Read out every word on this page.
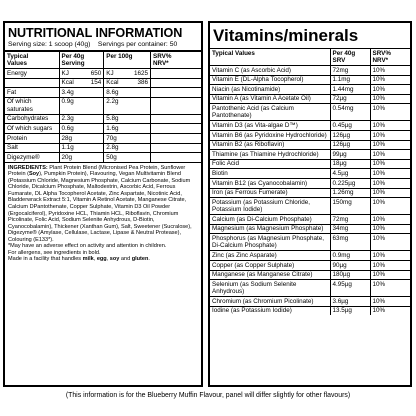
NUTRITIONAL INFORMATION
Serving size: 1 scoop (40g) Servings per container: 50
Typical
Values	Per 40g
Serving		Per 100g		SRV%
NRV*
Energy	KJ	650	KJ	1625	
	Kcal	154	Kcal	386	
Fat	3.4g		8.6g		
Of which
saturates	0.9g		2.2g		
Carbohydrates	2.3g		5.8g		
Of which sugars	0.6g		1.6g		
Protein	28g		70g		
Salt	1.1g		2.8g		
Digezyme®	20g		50g		
INGREDIENTS: Plant Protein Blend (Micronised Pea Protein, Sunflower Protein (Soy), Pumpkin Protein), Flavouring, Vegan Multivitamin Blend (Potassium Chloride, Magnesium Phosphate, Calcium Carbonate, Sodium Chloride, Dicalcium Phosphate, Maltodextrin, Ascorbic Acid, Ferrous Fumarate, DL Alpha Tocopherol Acetate, Zinc Aspartate, Nicotinic Acid, Bladderwrack Extract 5:1, Vitamin A Retinol Acetate, Manganese Citrate, Calcium DPantothenate, Copper Sulphate, Vitamin D3 Oil Powder (Ergocalciferol), Pyridoxine HCL, Thiamin HCL, Riboflavin, Chromium Picolinate, Folic Acid, Sodium Selenite Anhydrous, D-Biotin, Cyanocobalamin), Thickener (Xanthan Gum), Salt, Sweetener (Sucralose), Digezyme® (Amylase, Cellulase, Lactase, Lipase & Neutral Protease), Colouring (E133*).
*May have an adverse effect on activity and attention in children.
For allergens, see ingredients in bold.
Made in a facility that handles milk, egg, soy and gluten.
Vitamins/minerals
Typical Values	Per 40g SRV	SRV% NRV*
Vitamin C (as Ascorbic Acid)	72mg	10%
Vitamin E (DL-Alpha Tocopherol)	1.1mg	10%
Niacin (as Nicotinamide)	1.44mg	10%
Vitamin A (as Vitamin A Acetate Oil)	72µg	10%
Pantothenic Acid (as Calcium Pantothenate)	0.54mg	10%
Vitamin D3 (as Vita-algae D™)	0.45µg	10%
Vitamin B6 (as Pyridoxine Hydrochloride)	126µg	10%
Vitamin B2 (as Riboflavin)	126µg	10%
Thiamine (as Thiamine Hydrochloride)	99µg	10%
Folic Acid	18µg	10%
Biotin	4.5µg	10%
Vitamin B12 (as Cyanocobalamin)	0.225µg	10%
Iron (as Ferrous Fumerate)	1.26mg	10%
Potassium (as Potassium Chloride, Potassium Iodide)	150mg	10%
Calcium (as Di-Calcium Phosphate)	72mg	10%
Magnesium (as Magnesium Phosphate)	34mg	10%
Phosphorus (as Magnesium Phosphate, Di-Calcium Phosphate)	63mg	10%
Zinc (as Zinc Asparate)	0.9mg	10%
Copper (as Copper Sulphate)	90µg	10%
Manganese (as Manganese Citrate)	180µg	10%
Selenium (as Sodium Selenite Anhydrous)	4.95µg	10%
Chromium (as Chromium Picolinate)	3.6µg	10%
Iodine (as Potassium Iodide)	13.5µg	10%
(This information is for the Blueberry Muffin Flavour, panel will differ slightly for other flavours)
